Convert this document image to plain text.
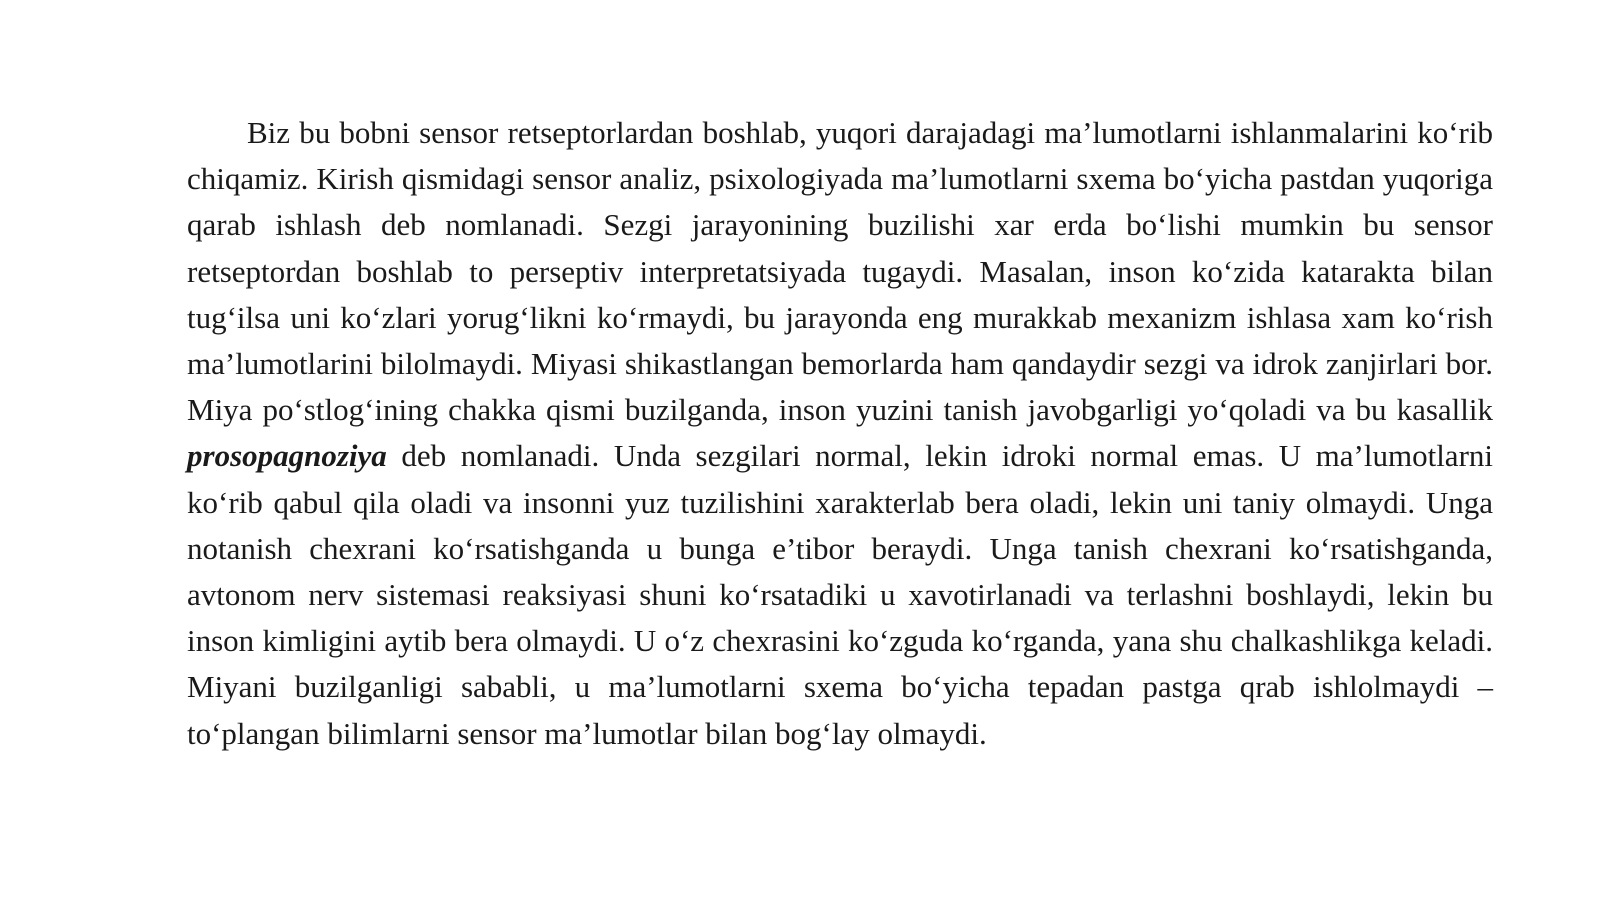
Biz bu bobni sensor retseptorlardan boshlab, yuqori darajadagi ma’lumotlarni ishlanmalarini ko‘rib chiqamiz. Kirish qismidagi sensor analiz, psixologiyada ma’lumotlarni sxema bo‘yicha pastdan yuqoriga qarab ishlash deb nomlanadi. Sezgi jarayonining buzilishi xar erda bo‘lishi mumkin bu sensor retseptordan boshlab to perseptiv interpretatsiyada tugaydi. Masalan, inson ko‘zida katarakta bilan tug‘ilsa uni ko‘zlari yorug‘likni ko‘rmaydi, bu jarayonda eng murakkab mexanizm ishlasa xam ko‘rish ma’lumotlarini bilolmaydi. Miyasi shikastlangan bemorlarda ham qandaydir sezgi va idrok zanjirlari bor. Miya po‘stlog‘ining chakka qismi buzilganda, inson yuzini tanish javobgarligi yo‘qoladi va bu kasallik prosopagnoziya deb nomlanadi. Unda sezgilari normal, lekin idroki normal emas. U ma’lumotlarni ko‘rib qabul qila oladi va insonni yuz tuzilishini xarakterlab bera oladi, lekin uni taniy olmaydi. Unga notanish chexrani ko‘rsatishganda u bunga e’tibor beraydi. Unga tanish chexrani ko‘rsatishganda, avtonom nerv sistemasi reaksiyasi shuni ko‘rsatadiki u xavotirlanadi va terlashni boshlaydi, lekin bu inson kimligini aytib bera olmaydi. U o‘z chexrasini ko‘zguda ko‘rganda, yana shu chalkashlikga keladi. Miyani buzilganligi sababli, u ma’lumotlarni sxema bo‘yicha tepadan pastga qrab ishlolmaydi – to‘plangan bilimlarni sensor ma’lumotlar bilan bog‘lay olmaydi.
